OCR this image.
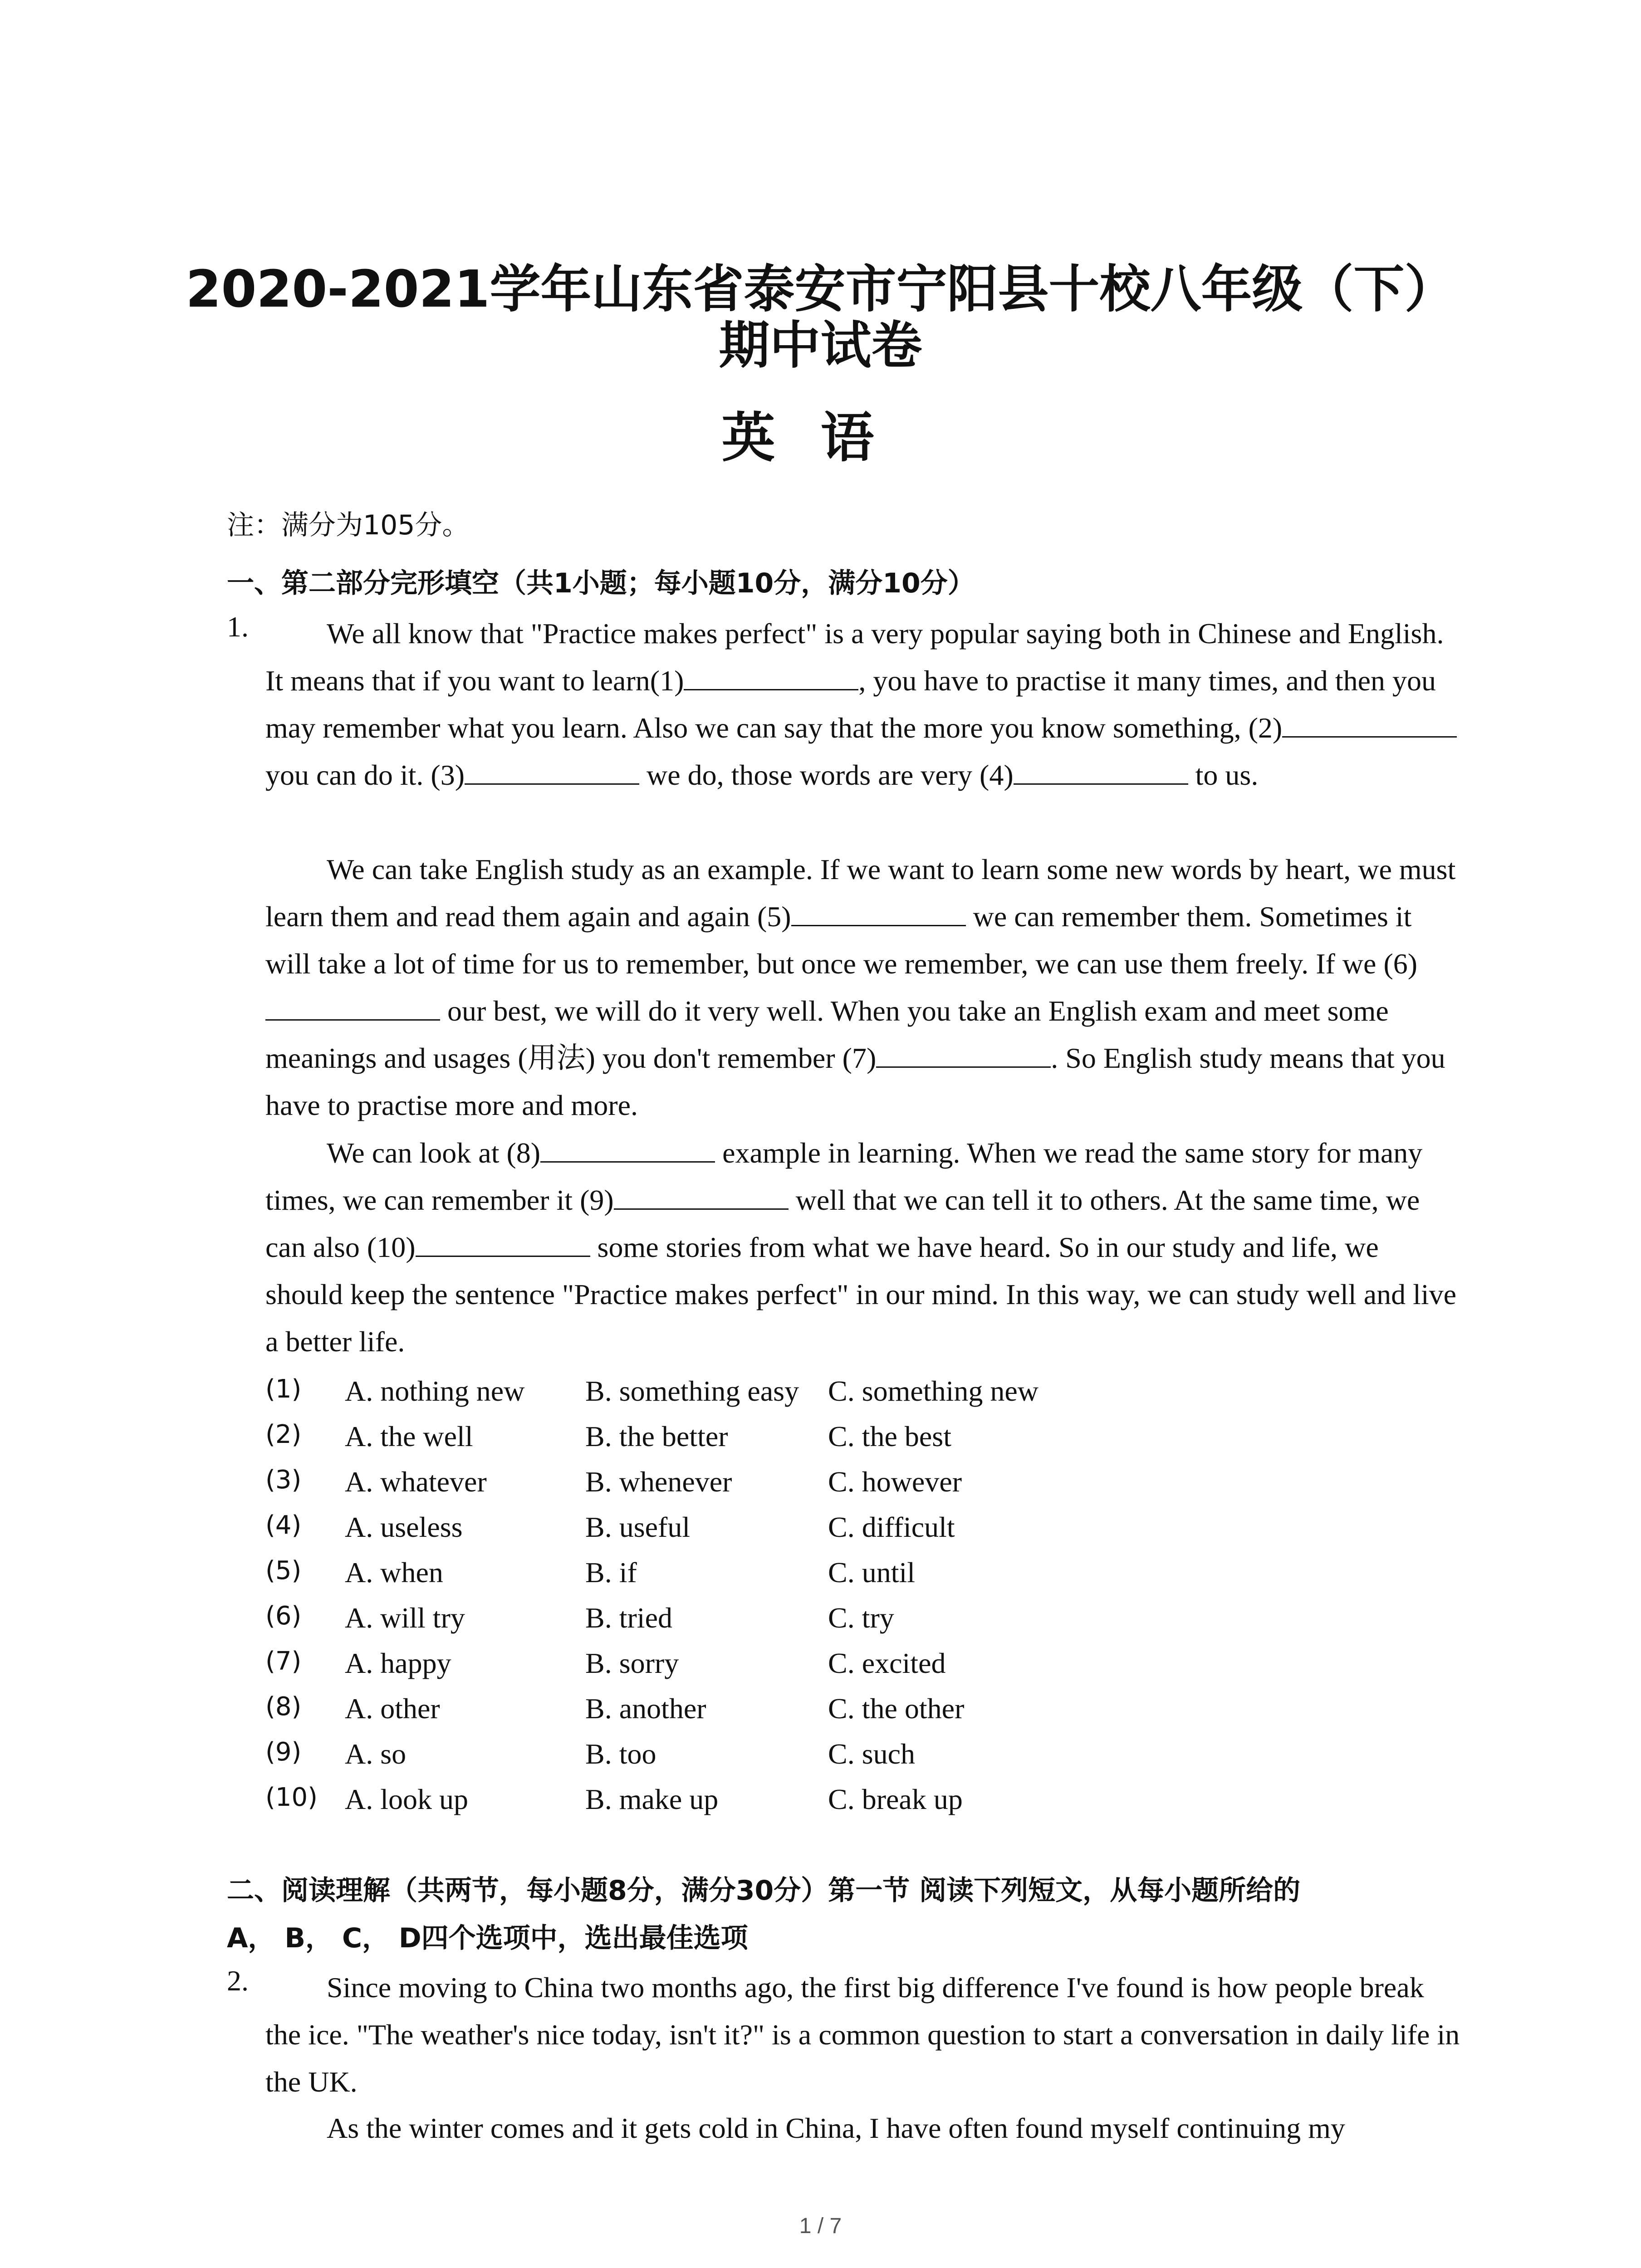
2020-2021学年山东省泰安市宁阳县十校八年级（下）
期中试卷
英语
注：满分为105分。
一、第二部分完形填空（共1小题；每小题10分，满分10分）
1.	We all know that "Practice makes perfect" is a very popular saying both in Chinese and English. It means that if you want to learn(1)	, you have to practise it many times, and then you may remember what you learn. Also we can say that the more you know something, (2) you can do it. (3)	we do, those words are very (4)	to us.
We can take English study as an example. If we want to learn some new words by heart, we must learn them and read them again and again (5)	we can remember them. Sometimes it will take a lot of time for us to remember, but once we remember, we can use them freely. If we (6) our best, we will do it very well. When you take an English exam and meet some meanings and usages (用法) you don't remember (7)	. So English study means that you have to practise more and more.
We can look at (8)	example in learning. When we read the same story for many times, we can remember it (9)	well that we can tell it to others. At the same time, we can also (10)	some stories from what we have heard. So in our study and life, we should keep the sentence "Practice makes perfect" in our mind. In this way, we can study well and live a better life.
(1) A. nothing new B. something easy C. something new
(2) A. the well	B. the better	C. the best
(3) A. whatever	B. whenever	C. however
(4) A. useless	B. useful	C. difficult
(5) A. when	B. if	C. until
(6) A. will try	B. tried	C. try
(7) A. happy	B. sorry	C. excited
(8) A. other	B. another	C. the other
(9) A. so	B. too	C. such
(10) A. look up	B. make up	C. break up
二、阅读理解（共两节，每小题8分，满分30分）第一节 阅读下列短文，从每小题所给的
A， B， C， D四个选项中，选出最佳选项
2.	Since moving to China two months ago, the first big difference I've found is how people break the ice. "The weather's nice today, isn't it?" is a common question to start a conversation in daily life in the UK.
As the winter comes and it gets cold in China, I have often found myself continuing my
1 / 7
